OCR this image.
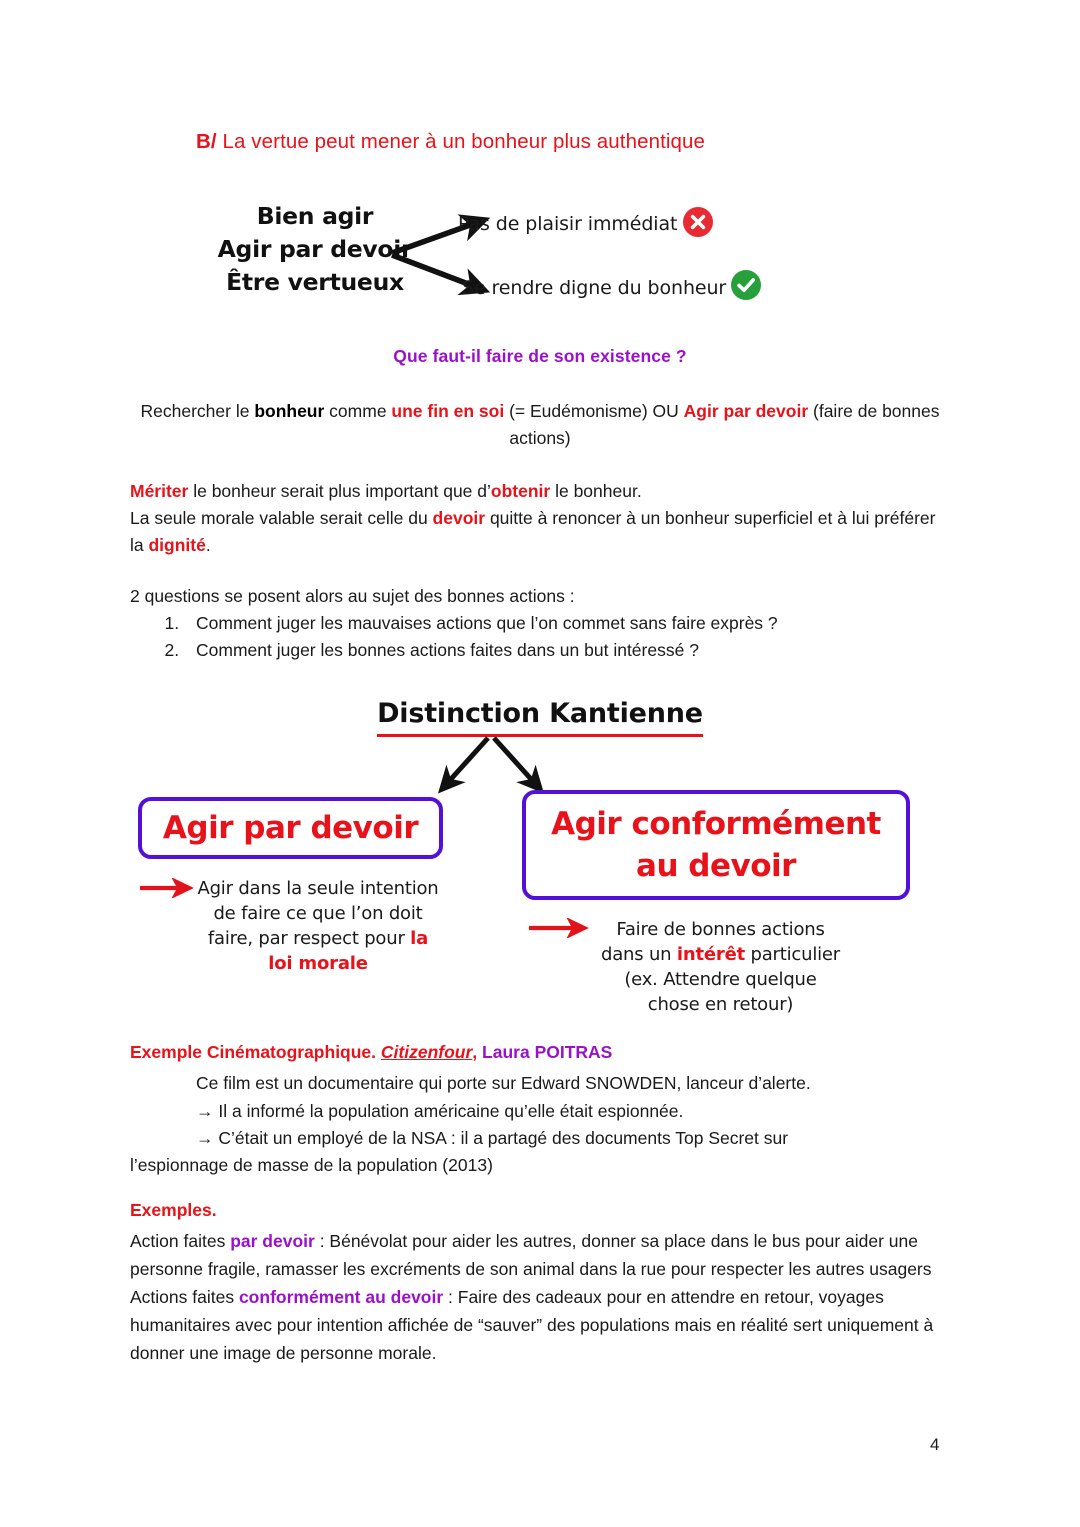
B/ La vertue peut mener à un bonheur plus authentique
Bien agir
Agir par devoir
Être vertueux
Pas de plaisir immédiat
Se rendre digne du bonheur
Que faut-il faire de son existence ?
Rechercher le bonheur comme une fin en soi (= Eudémonisme) OU Agir par devoir (faire de bonnes actions)
Mériter le bonheur serait plus important que d’obtenir le bonheur.
La seule morale valable serait celle du devoir quitte à renoncer à un bonheur superficiel et à lui préférer la dignité.
2 questions se posent alors au sujet des bonnes actions :
1. Comment juger les mauvaises actions que l’on commet sans faire exprès ?
2. Comment juger les bonnes actions faites dans un but intéressé ?
Distinction Kantienne
Agir par devoir	Agir conformément
au devoir
Agir dans la seule intention de faire ce que l’on doit faire, par respect pour la loi morale
Faire de bonnes actions dans un intérêt particulier (ex. Attendre quelque chose en retour)
Exemple Cinématographique. Citizenfour, Laura POITRAS
Ce film est un documentaire qui porte sur Edward SNOWDEN, lanceur d’alerte.
→ Il a informé la population américaine qu’elle était espionnée.
→ C’était un employé de la NSA : il a partagé des documents Top Secret sur
l’espionnage de masse de la population (2013)
Exemples.

Action faites par devoir : Bénévolat pour aider les autres, donner sa place dans le bus pour aider une personne fragile, ramasser les excréments de son animal dans la rue pour respecter les autres usagers

Actions faites conformément au devoir : Faire des cadeaux pour en attendre en retour, voyages humanitaires avec pour intention affichée de “sauver” des populations mais en réalité sert uniquement à donner une image de personne morale.

4
